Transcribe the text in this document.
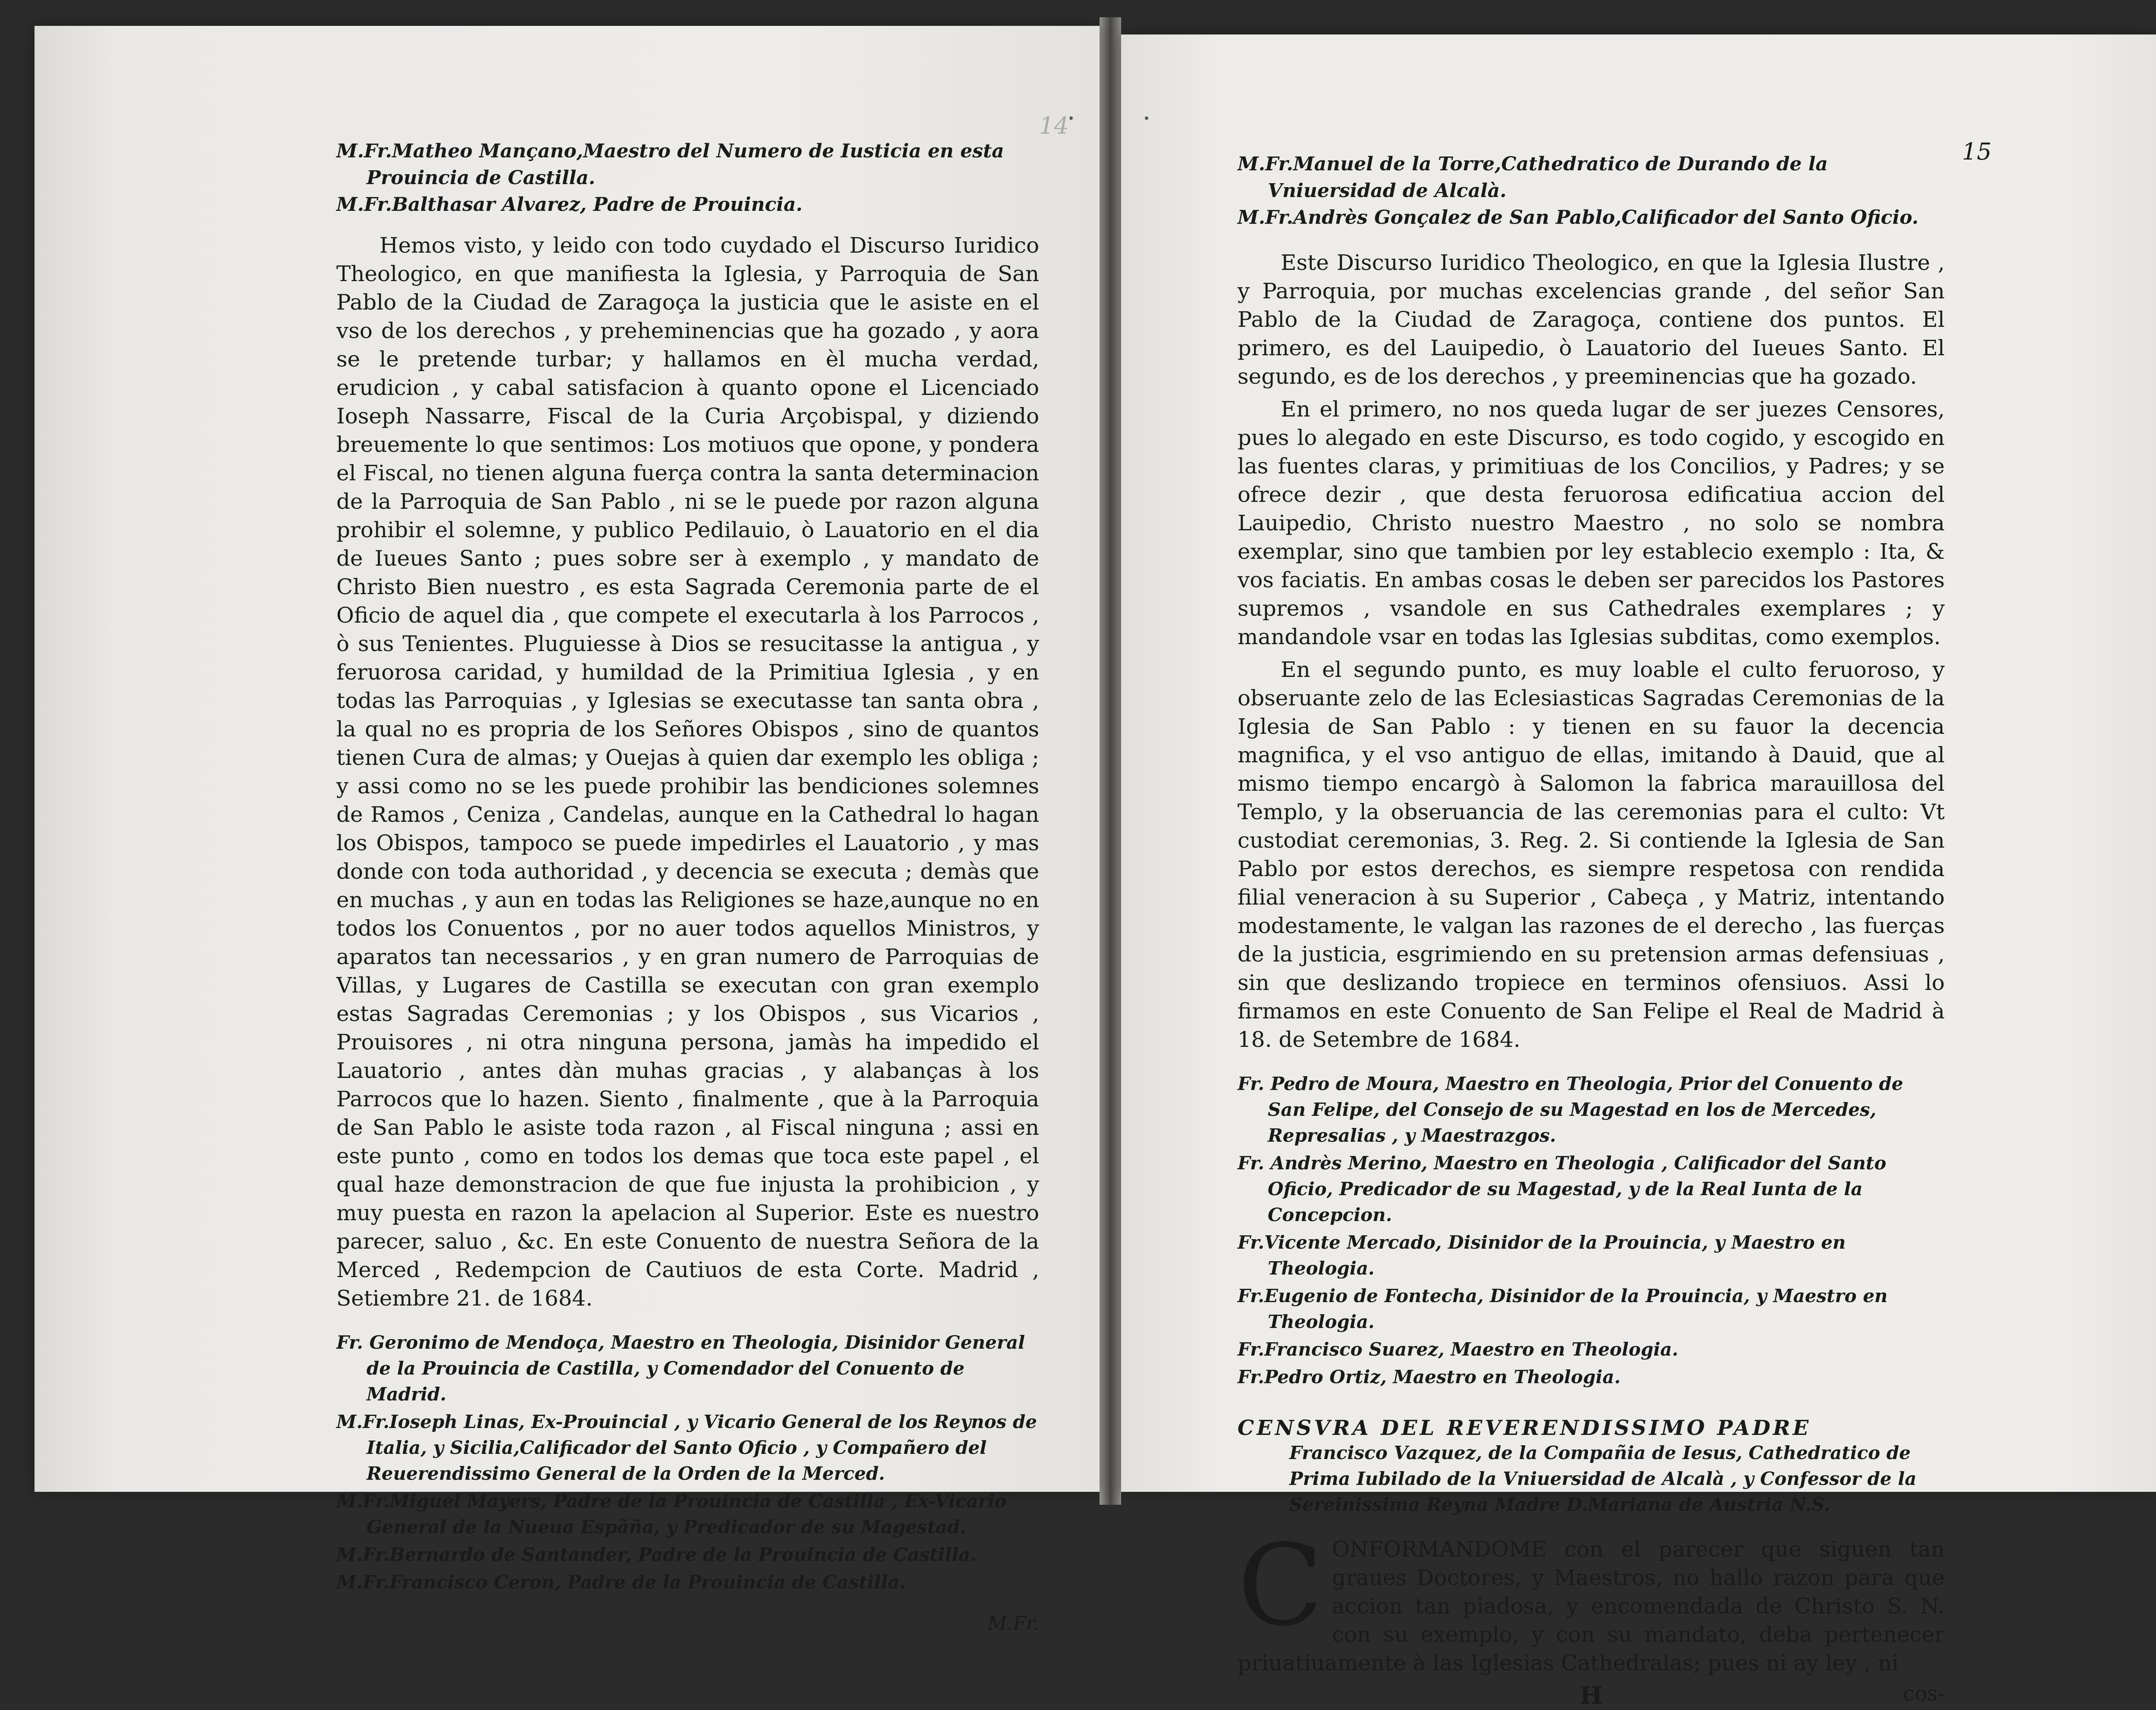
14

M.Fr.Matheo Mançano,Maestro del Numero de Iusticia en esta Prouincia de Castilla.

M.Fr.Balthasar Alvarez, Padre de Prouincia.

Hemos visto, y leido con todo cuydado el Discurso Iuridico Theologico, en que manifiesta la Iglesia, y Parroquia de San Pablo de la Ciudad de Zaragoça la justicia que le asiste en el vso de los derechos , y preheminencias que ha gozado , y aora se le pretende turbar; y hallamos en èl mucha verdad, erudicion , y cabal satisfacion à quanto opone el Licenciado Ioseph Nassarre, Fiscal de la Curia Arçobispal, y diziendo breuemente lo que sentimos: Los motiuos que opone, y pondera el Fiscal, no tienen alguna fuerça contra la santa determinacion de la Parroquia de San Pablo , ni se le puede por razon alguna prohibir el solemne, y publico Pedilauio, ò Lauatorio en el dia de Iueues Santo ; pues sobre ser à exemplo , y mandato de Christo Bien nuestro , es esta Sagrada Ceremonia parte de el Oficio de aquel dia , que compete el executarla à los Parrocos , ò sus Tenientes. Pluguiesse à Dios se resucitasse la antigua , y feruorosa caridad, y humildad de la Primitiua Iglesia , y en todas las Parroquias , y Iglesias se executasse tan santa obra , la qual no es propria de los Señores Obispos , sino de quantos tienen Cura de almas; y Ouejas à quien dar exemplo les obliga ; y assi como no se les puede prohibir las bendiciones solemnes de Ramos , Ceniza , Candelas, aunque en la Cathedral lo hagan los Obispos, tampoco se puede impedirles el Lauatorio , y mas donde con toda authoridad , y decencia se executa ; demàs que en muchas , y aun en todas las Religiones se haze,aunque no en todos los Conuentos , por no auer todos aquellos Ministros, y aparatos tan necessarios , y en gran numero de Parroquias de Villas, y Lugares de Castilla se executan con gran exemplo estas Sagradas Ceremonias ; y los Obispos , sus Vicarios , Prouisores , ni otra ninguna persona, jamàs ha impedido el Lauatorio , antes dàn muhas gracias , y alabanças à los Parrocos que lo hazen. Siento , finalmente , que à la Parroquia de San Pablo le asiste toda razon , al Fiscal ninguna ; assi en este punto , como en todos los demas que toca este papel , el qual haze demonstracion de que fue injusta la prohibicion , y muy puesta en razon la apelacion al Superior. Este es nuestro parecer, saluo , &c. En este Conuento de nuestra Señora de la Merced , Redempcion de Cautiuos de esta Corte. Madrid , Setiembre 21. de 1684.

Fr. Geronimo de Mendoça, Maestro en Theologia, Disinidor General de la Prouincia de Castilla, y Comendador del Conuento de Madrid.

M.Fr.Ioseph Linas, Ex-Prouincial , y Vicario General de los Reynos de Italia, y Sicilia,Calificador del Santo Oficio , y Compañero del Reuerendissimo General de la Orden de la Merced.

M.Fr.Miguel Mayers, Padre de la Prouincia de Castilla , Ex-Vicario General de la Nueua Espãña, y Predicador de su Magestad.

M.Fr.Bernardo de Santander, Padre de la Prouincia de Castilla.

M.Fr.Francisco Ceron, Padre de la Prouincia de Castilla.

M.Fr.
15

M.Fr.Manuel de la Torre,Cathedratico de Durando de la Vniuersidad de Alcalà.

M.Fr.Andrès Gonçalez de San Pablo,Calificador del Santo Oficio.

Este Discurso Iuridico Theologico, en que la Iglesia Ilustre , y Parroquia, por muchas excelencias grande , del señor San Pablo de la Ciudad de Zaragoça, contiene dos puntos. El primero, es del Lauipedio, ò Lauatorio del Iueues Santo. El segundo, es de los derechos , y preeminencias que ha gozado.

En el primero, no nos queda lugar de ser juezes Censores, pues lo alegado en este Discurso, es todo cogido, y escogido en las fuentes claras, y primitiuas de los Concilios, y Padres; y se ofrece dezir , que desta feruorosa edificatiua accion del Lauipedio, Christo nuestro Maestro , no solo se nombra exemplar, sino que tambien por ley establecio exemplo : Ita, & vos faciatis. En ambas cosas le deben ser parecidos los Pastores supremos , vsandole en sus Cathedrales exemplares ; y mandandole vsar en todas las Iglesias subditas, como exemplos.

En el segundo punto, es muy loable el culto feruoroso, y obseruante zelo de las Eclesiasticas Sagradas Ceremonias de la Iglesia de San Pablo : y tienen en su fauor la decencia magnifica, y el vso antiguo de ellas, imitando à Dauid, que al mismo tiempo encargò à Salomon la fabrica marauillosa del Templo, y la obseruancia de las ceremonias para el culto: Vt custodiat ceremonias, 3. Reg. 2. Si contiende la Iglesia de San Pablo por estos derechos, es siempre respetosa con rendida filial veneracion à su Superior , Cabeça , y Matriz, intentando modestamente, le valgan las razones de el derecho , las fuerças de la justicia, esgrimiendo en su pretension armas defensiuas , sin que deslizando tropiece en terminos ofensiuos. Assi lo firmamos en este Conuento de San Felipe el Real de Madrid à 18. de Setembre de 1684.

Fr. Pedro de Moura, Maestro en Theologia, Prior del Conuento de San Felipe, del Consejo de su Magestad en los de Mercedes, Represalias , y Maestrazgos.

Fr. Andrès Merino, Maestro en Theologia , Calificador del Santo Oficio, Predicador de su Magestad, y de la Real Iunta de la Concepcion.

Fr.Vicente Mercado, Disinidor de la Prouincia, y Maestro en Theologia.

Fr.Eugenio de Fontecha, Disinidor de la Prouincia, y Maestro en Theologia.

Fr.Francisco Suarez, Maestro en Theologia.

Fr.Pedro Ortiz, Maestro en Theologia.

CENSVRA DEL REVERENDISSIMO PADRE
Francisco Vazquez, de la Compañia de Iesus, Cathedratico de Prima Iubilado de la Vniuersidad de Alcalà , y Confessor de la Sereinissima Reyna Madre D.Mariana de Austria N.S.
C ONFORMANDOME con el parecer que siguen tan graues Doctores, y Maestros, no hallo razon para que accion tan piadosa, y encomendada de Christo S. N. con su exemplo, y con su mandato, deba pertenecer priuatiuamente à las Iglesias Cathedralas; pues ni ay ley , ni
H	cos-
